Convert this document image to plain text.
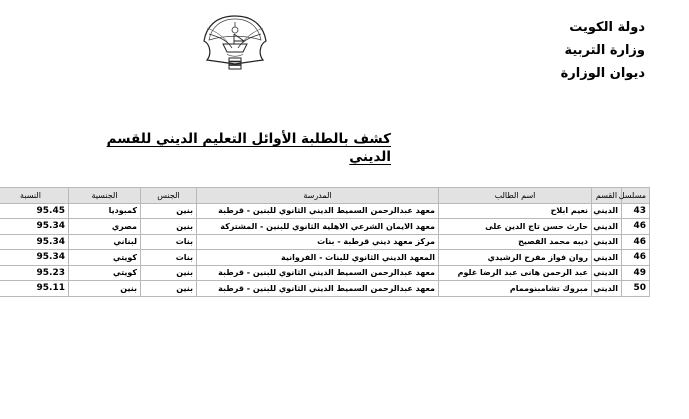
دولة الكويت
وزارة التربية
ديوان الوزارة
كشف بالطلبة الأوائل التعليم الديني للقسم الديني
مسلسل	القسم	اسم الطالب	المدرسة	الجنس	الجنسية	النسبة
43	الديني	نعيم ابلاح	معهد عبدالرحمن السميط الديني الثانوي للبنين - قرطبة	بنين	كمبوديا	95.45
46	الديني	حارث حسن تاج الدين على	معهد الايمان الشرعي الاهلية الثانوي للبنين - المشتركة	بنين	مصري	95.34
46	الديني	ديبه محمد الفصيح	مركز معهد ديني قرطبة - بنات	بنات	لبناني	95.34
46	الديني	روان فواز مفرح الرشيدي	المعهد الديني الثانوي للبنات - الفروانية	بنات	كويتي	95.34
49	الديني	عبد الرحمن هانى عبد الرضا غلوم	معهد عبدالرحمن السميط الديني الثانوي للبنين - قرطبة	بنين	كويتي	95.23
50	الديني	مبروك تشامبنوممام	معهد عبدالرحمن السميط الديني الثانوي للبنين - قرطبة	بنين	بنين	95.11
